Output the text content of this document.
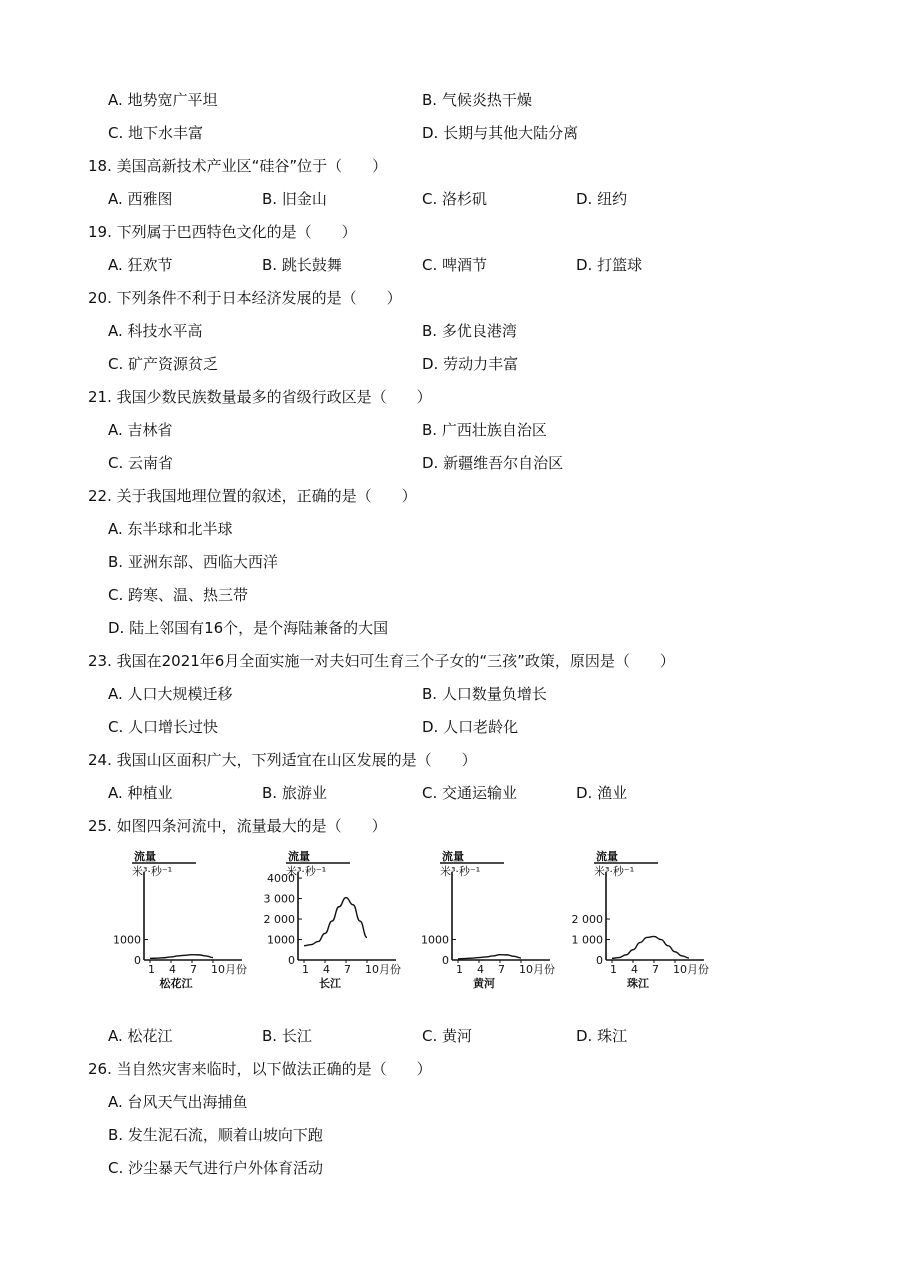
A. 地势宽广平坦	B. 气候炎热干燥
C. 地下水丰富	D. 长期与其他大陆分离
18. 美国高新技术产业区“硅谷”位于（　　）
A. 西雅图	B. 旧金山	C. 洛杉矶	D. 纽约
19. 下列属于巴西特色文化的是（　　）
A. 狂欢节	B. 跳长鼓舞	C. 啤酒节	D. 打篮球
20. 下列条件不利于日本经济发展的是（　　）
A. 科技水平高	B. 多优良港湾
C. 矿产资源贫乏	D. 劳动力丰富
21. 我国少数民族数量最多的省级行政区是（　　）
A. 吉林省	B. 广西壮族自治区
C. 云南省	D. 新疆维吾尔自治区
22. 关于我国地理位置的叙述，正确的是（　　）
A. 东半球和北半球
B. 亚洲东部、西临大西洋
C. 跨寒、温、热三带
D. 陆上邻国有16个，是个海陆兼备的大国
23. 我国在2021年6月全面实施一对夫妇可生育三个子女的“三孩”政策，原因是（　　）
A. 人口大规模迁移	B. 人口数量负增长
C. 人口增长过快	D. 人口老龄化
24. 我国山区面积广大，下列适宜在山区发展的是（　　）
A. 种植业	B. 旅游业	C. 交通运输业	D. 渔业
25. 如图四条河流中，流量最大的是（　　）
A. 松花江	B. 长江	C. 黄河	D. 珠江
26. 当自然灾害来临时，以下做法正确的是（　　）
A. 台风天气出海捕鱼
B. 发生泥石流，顺着山坡向下跑
C. 沙尘暴天气进行户外体育活动
流量
米³·秒⁻¹
0
1000
1 4 7 10月份
松花江
流量
米³·秒⁻¹
0
1000
2 000
3 000
4000
1 4 7 10月份
长江
流量
米³·秒⁻¹
0
1000
1 4 7 10月份
黄河
流量
米³·秒⁻¹
0
1 000
2 000
1 4 7 10月份
珠江
